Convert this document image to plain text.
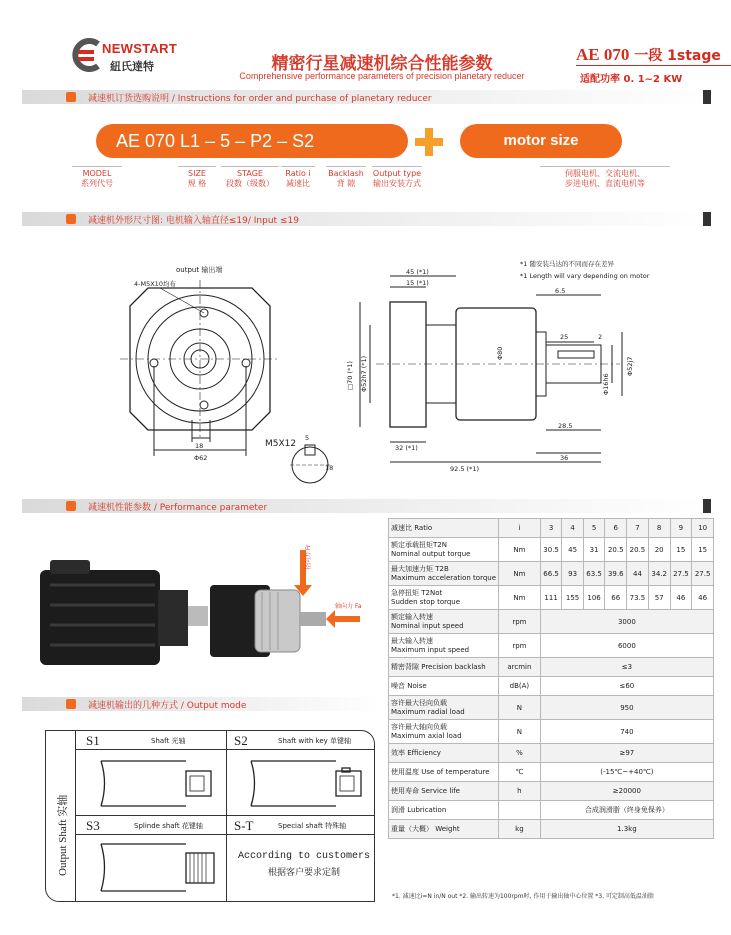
NEWSTART
紐氏達特	精密行星减速机综合性能参数
Comprehensive performance parameters of precision planetary reducer
AE 070 一段 1stage
适配功率 0. 1~2 KW
减速机订货选购说明 / Instructions for order and purchase of planetary reducer
AE 070 L1 – 5 – P2 – S2	motor size
MODEL
系列代号
SIZE
规 格
STAGE
段数（级数）
Ratio i
减速比
Backlash
背 隙
Output type
输出安装方式
伺服电机、交流电机、
步进电机、直流电机等
减速机外形尺寸图: 电机输入轴直径≤19/ Input ≤19
output 输出端
4-M5X10均布
18
Φ62
M5X12
5
18
*1 随安装马达的不同而存在差异
*1 Length will vary depending on motor
45 (*1)
15 (*1)
6.5
25	2
□70 (*1) Φ52h7 (*1)
Φ80
Φ16h6
Φ52j7
28.5
32 (*1)
36
92.5 (*1)
减速机性能参数 / Performance parameter
径向力 Fr
轴向力 Fa
减速比 Ratio	i	3	4	5	6	7	8	9	10

额定承载扭矩T2N
Nominal output torque	Nm	30.5	45	31	20.5	20.5	20	15	15

最大加速力矩 T2B
Maximum acceleration torque	Nm	66.5	93	63.5	39.6	44	34.2	27.5	27.5

急停扭矩 T2Not
Sudden stop torque	Nm	111	155	106	66	73.5	57	46	46

额定输入转速
Nominal input speed	rpm	3000							

最大输入转速
Maximum input speed	rpm	6000							

精密背隙 Precision backlash	arcmin	≤3							

噪音 Noise	dB(A)	≤60							

容许最大径向负载
Maximum radial load	N	950							

容许最大轴向负载
Maximum axial load	N	740							

效率 Efficiency	%	≥97							

使用温度 Use of temperature	℃	(-15℃~+40℃)							

使用寿命 Service life	h	≥20000							

润滑 Lubrication		合成润滑脂（终身免保养）							

重量（大概） Weight	kg	1.3kg							
*1. 减速比i=N in/N out *2. 输出转速为100rpm时, 作用于输出轴中心位置 *3. 可定制高低温油脂
减速机输出的几种方式 / Output mode
Output Shaft 实轴
S1	Shaft 光轴	S2	Shaft with key 单键轴
S3	Splinde shaft 花键轴 S-T	Special shaft 特殊轴
According to customers
根据客户要求定制
